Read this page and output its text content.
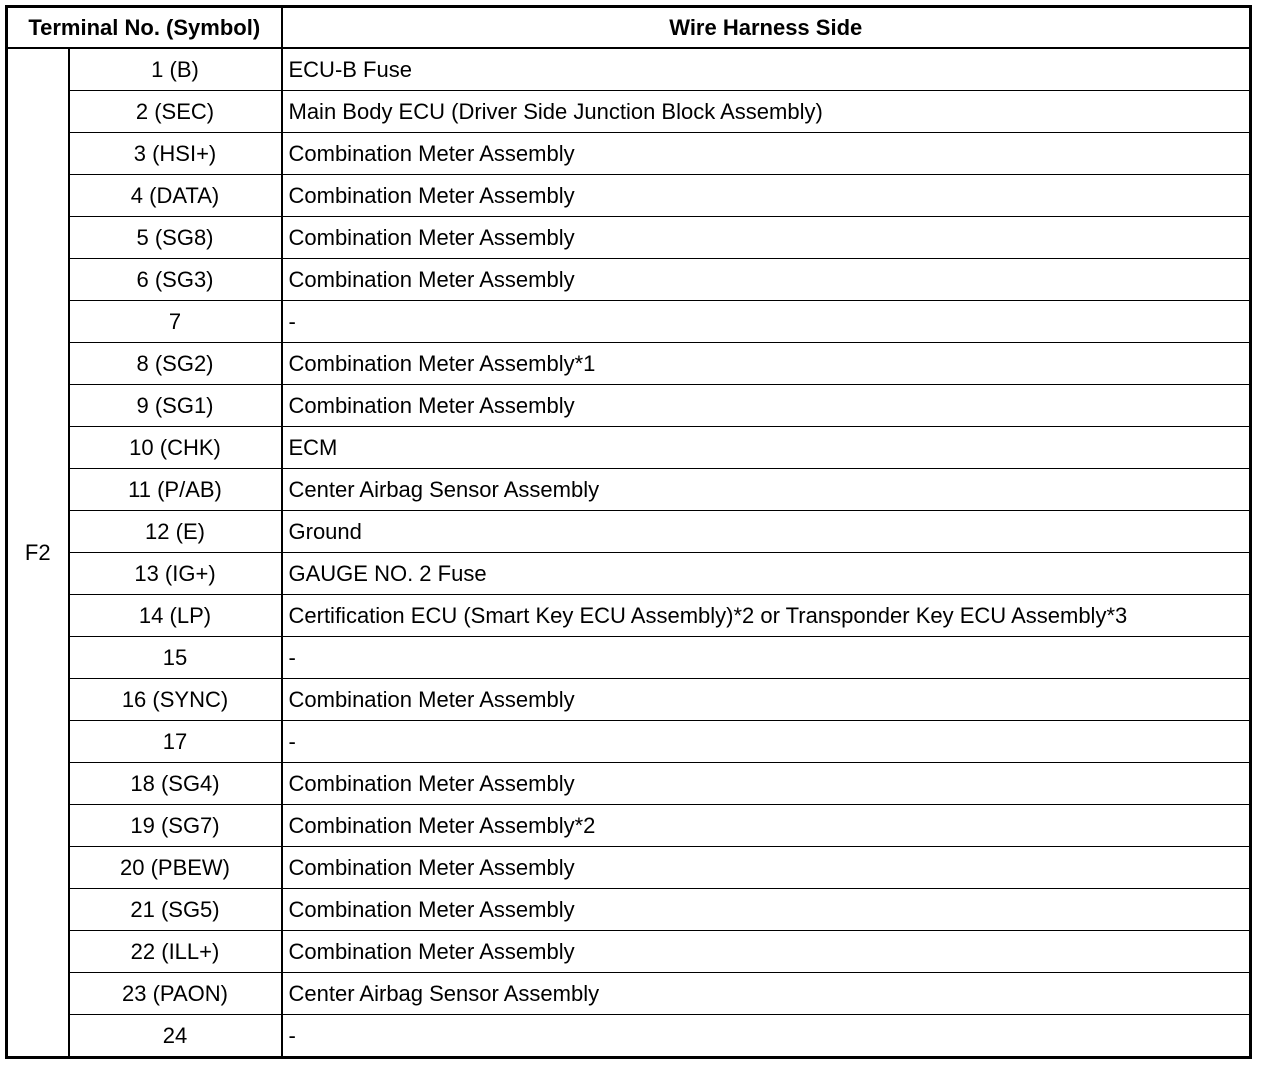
Terminal No. (Symbol)		Wire Harness Side
F2	1 (B)	ECU-B Fuse
	2 (SEC)	Main Body ECU (Driver Side Junction Block Assembly)
	3 (HSI+)	Combination Meter Assembly
	4 (DATA)	Combination Meter Assembly
	5 (SG8)	Combination Meter Assembly
	6 (SG3)	Combination Meter Assembly
	7	-
	8 (SG2)	Combination Meter Assembly*1
	9 (SG1)	Combination Meter Assembly
	10 (CHK)	ECM
	11 (P/AB)	Center Airbag Sensor Assembly
	12 (E)	Ground
	13 (IG+)	GAUGE NO. 2 Fuse
	14 (LP)	Certification ECU (Smart Key ECU Assembly)*2 or Transponder Key ECU Assembly*3
	15	-
	16 (SYNC)	Combination Meter Assembly
	17	-
	18 (SG4)	Combination Meter Assembly
	19 (SG7)	Combination Meter Assembly*2
	20 (PBEW)	Combination Meter Assembly
	21 (SG5)	Combination Meter Assembly
	22 (ILL+)	Combination Meter Assembly
	23 (PAON)	Center Airbag Sensor Assembly
	24	-
